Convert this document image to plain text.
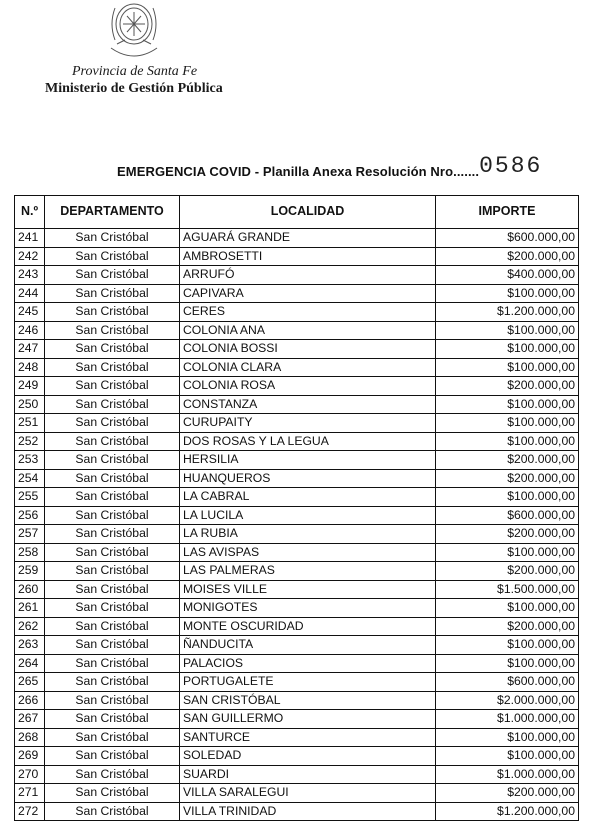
Provincia de Santa Fe
Ministerio de Gestión Pública
EMERGENCIA COVID - Planilla Anexa Resolución Nro.......0586
N.º	DEPARTAMENTO	LOCALIDAD	IMPORTE
241	San Cristóbal	AGUARÁ GRANDE	$600.000,00
242	San Cristóbal	AMBROSETTI	$200.000,00
243	San Cristóbal	ARRUFÓ	$400.000,00
244	San Cristóbal	CAPIVARA	$100.000,00
245	San Cristóbal	CERES	$1.200.000,00
246	San Cristóbal	COLONIA ANA	$100.000,00
247	San Cristóbal	COLONIA BOSSI	$100.000,00
248	San Cristóbal	COLONIA CLARA	$100.000,00
249	San Cristóbal	COLONIA ROSA	$200.000,00
250	San Cristóbal	CONSTANZA	$100.000,00
251	San Cristóbal	CURUPAITY	$100.000,00
252	San Cristóbal	DOS ROSAS Y LA LEGUA	$100.000,00
253	San Cristóbal	HERSILIA	$200.000,00
254	San Cristóbal	HUANQUEROS	$200.000,00
255	San Cristóbal	LA CABRAL	$100.000,00
256	San Cristóbal	LA LUCILA	$600.000,00
257	San Cristóbal	LA RUBIA	$200.000,00
258	San Cristóbal	LAS AVISPAS	$100.000,00
259	San Cristóbal	LAS PALMERAS	$200.000,00
260	San Cristóbal	MOISES VILLE	$1.500.000,00
261	San Cristóbal	MONIGOTES	$100.000,00
262	San Cristóbal	MONTE OSCURIDAD	$200.000,00
263	San Cristóbal	ÑANDUCITA	$100.000,00
264	San Cristóbal	PALACIOS	$100.000,00
265	San Cristóbal	PORTUGALETE	$600.000,00
266	San Cristóbal	SAN CRISTÓBAL	$2.000.000,00
267	San Cristóbal	SAN GUILLERMO	$1.000.000,00
268	San Cristóbal	SANTURCE	$100.000,00
269	San Cristóbal	SOLEDAD	$100.000,00
270	San Cristóbal	SUARDI	$1.000.000,00
271	San Cristóbal	VILLA SARALEGUI	$200.000,00
272	San Cristóbal	VILLA TRINIDAD	$1.200.000,00
